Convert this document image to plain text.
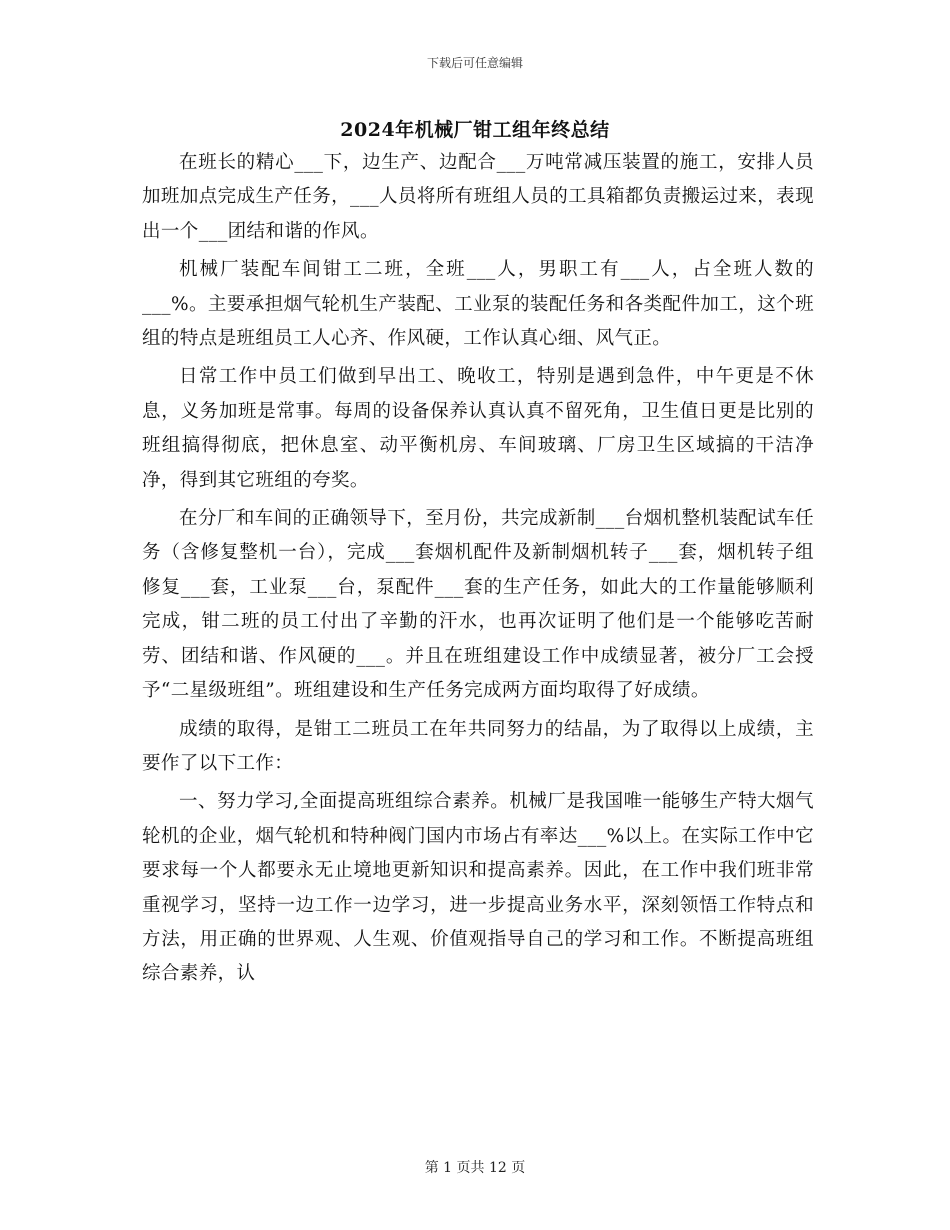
下载后可任意编辑
2024年机械厂钳工组年终总结

在班长的精心___下，边生产、边配合___万吨常减压装置的施工，安排人员加班加点完成生产任务，___人员将所有班组人员的工具箱都负责搬运过来，表现出一个___团结和谐的作风。

机械厂装配车间钳工二班，全班___人，男职工有___人，占全班人数的___%。主要承担烟气轮机生产装配、工业泵的装配任务和各类配件加工，这个班组的特点是班组员工人心齐、作风硬，工作认真心细、风气正。

日常工作中员工们做到早出工、晚收工，特别是遇到急件，中午更是不休息，义务加班是常事。每周的设备保养认真认真不留死角，卫生值日更是比别的班组搞得彻底，把休息室、动平衡机房、车间玻璃、厂房卫生区域搞的干洁净净，得到其它班组的夸奖。

在分厂和车间的正确领导下，至月份，共完成新制___台烟机整机装配试车任务（含修复整机一台），完成___套烟机配件及新制烟机转子___套，烟机转子组修复___套，工业泵___台，泵配件___套的生产任务，如此大的工作量能够顺利完成，钳二班的员工付出了辛勤的汗水，也再次证明了他们是一个能够吃苦耐劳、团结和谐、作风硬的___。并且在班组建设工作中成绩显著，被分厂工会授予“二星级班组”。班组建设和生产任务完成两方面均取得了好成绩。

成绩的取得，是钳工二班员工在年共同努力的结晶，为了取得以上成绩，主要作了以下工作：

一、努力学习,全面提高班组综合素养。机械厂是我国唯一能够生产特大烟气轮机的企业，烟气轮机和特种阀门国内市场占有率达___%以上。在实际工作中它要求每一个人都要永无止境地更新知识和提高素养。因此，在工作中我们班非常重视学习，坚持一边工作一边学习，进一步提高业务水平，深刻领悟工作特点和方法，用正确的世界观、人生观、价值观指导自己的学习和工作。不断提高班组综合素养，认

第 1 页共 12 页
